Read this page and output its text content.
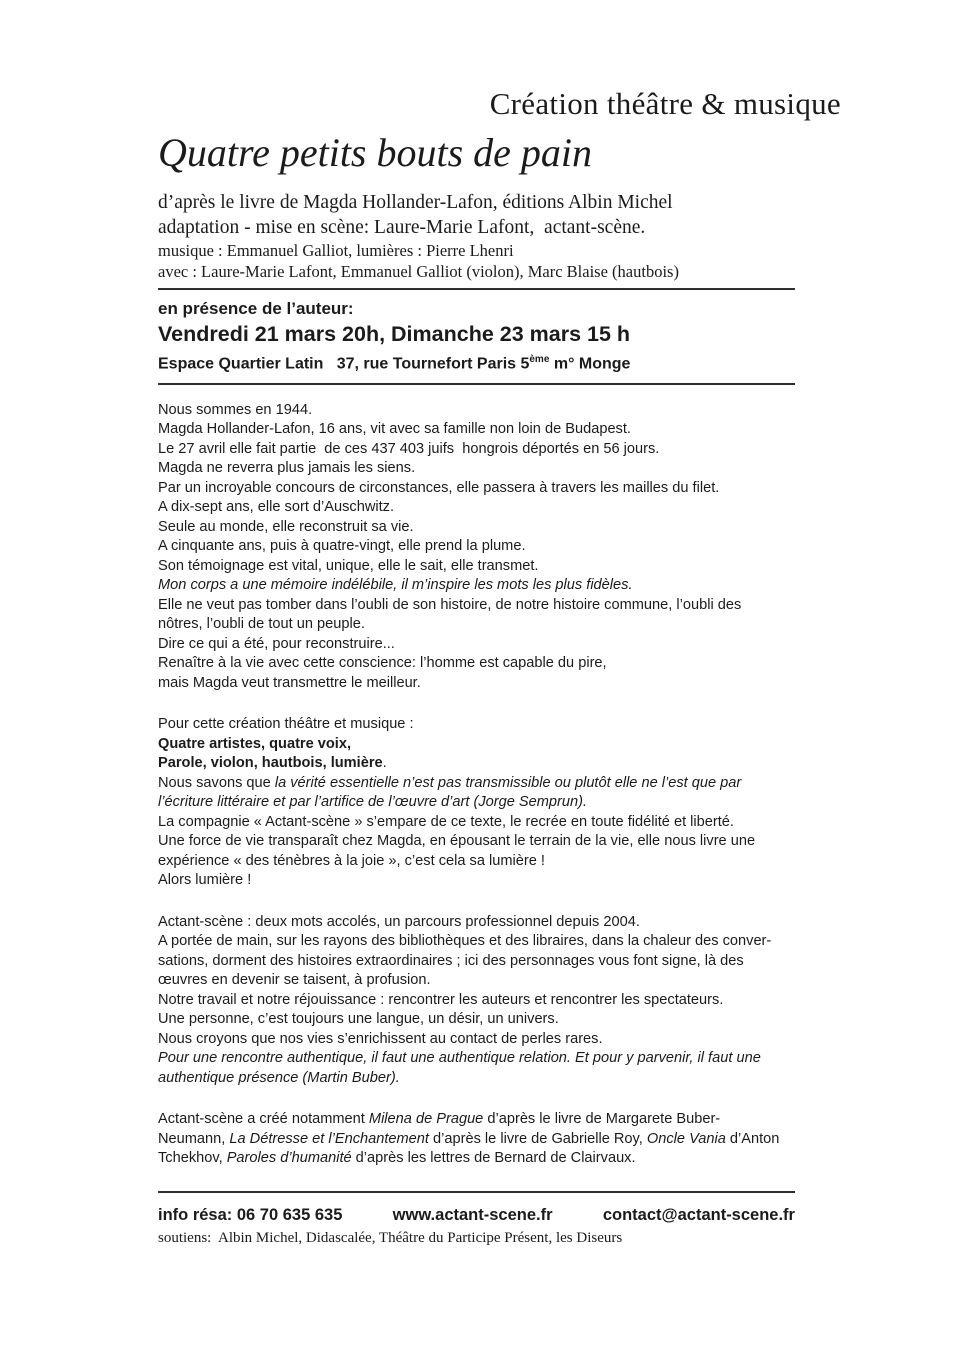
Création théâtre & musique
Quatre petits bouts de pain
d’après le livre de Magda Hollander-Lafon, éditions Albin Michel
adaptation - mise en scène: Laure-Marie Lafont,  actant-scène.
musique : Emmanuel Galliot, lumières : Pierre Lhenri
avec : Laure-Marie Lafont, Emmanuel Galliot (violon), Marc Blaise (hautbois)
en présence de l’auteur:
Vendredi 21 mars 20h, Dimanche 23 mars 15 h
Espace Quartier Latin   37, rue Tournefort Paris 5ème m° Monge
Nous sommes en 1944.
Magda Hollander-Lafon, 16 ans, vit avec sa famille non loin de Budapest.
Le 27 avril elle fait partie  de ces 437 403 juifs  hongrois déportés en 56 jours.
Magda ne reverra plus jamais les siens.
Par un incroyable concours de circonstances, elle passera à travers les mailles du filet.
A dix-sept ans, elle sort d’Auschwitz.
Seule au monde, elle reconstruit sa vie.
A cinquante ans, puis à quatre-vingt, elle prend la plume.
Son témoignage est vital, unique, elle le sait, elle transmet.
Mon corps a une mémoire indélébile, il m’inspire les mots les plus fidèles.
Elle ne veut pas tomber dans l’oubli de son histoire, de notre histoire commune, l’oubli des
nôtres, l’oubli de tout un peuple.
Dire ce qui a été, pour reconstruire...
Renaître à la vie avec cette conscience: l’homme est capable du pire,
mais Magda veut transmettre le meilleur.
Pour cette création théâtre et musique :
Quatre artistes, quatre voix,
Parole, violon, hautbois, lumière.
Nous savons que la vérité essentielle n’est pas transmissible ou plutôt elle ne l’est que par
l’écriture littéraire et par l’artifice de l’œuvre d’art (Jorge Semprun).
La compagnie « Actant-scène » s’empare de ce texte, le recrée en toute fidélité et liberté.
Une force de vie transparaît chez Magda, en épousant le terrain de la vie, elle nous livre une
expérience « des ténèbres à la joie », c’est cela sa lumière !
Alors lumière !
Actant-scène : deux mots accolés, un parcours professionnel depuis 2004.
A portée de main, sur les rayons des bibliothèques et des libraires, dans la chaleur des conver-
sations, dorment des histoires extraordinaires ; ici des personnages vous font signe, là des
œuvres en devenir se taisent, à profusion.
Notre travail et notre réjouissance : rencontrer les auteurs et rencontrer les spectateurs.
Une personne, c’est toujours une langue, un désir, un univers.
Nous croyons que nos vies s’enrichissent au contact de perles rares.
Pour une rencontre authentique, il faut une authentique relation. Et pour y parvenir, il faut une
authentique présence (Martin Buber).
Actant-scène a créé notamment Milena de Prague d’après le livre de Margarete Buber-
Neumann, La Détresse et l’Enchantement d’après le livre de Gabrielle Roy, Oncle Vania d’Anton
Tchekhov, Paroles d’humanité d’après les lettres de Bernard de Clairvaux.
info résa: 06 70 635 635	www.actant-scene.fr	contact@actant-scene.fr
soutiens:  Albin Michel, Didascalée, Théâtre du Participe Présent, les Diseurs
